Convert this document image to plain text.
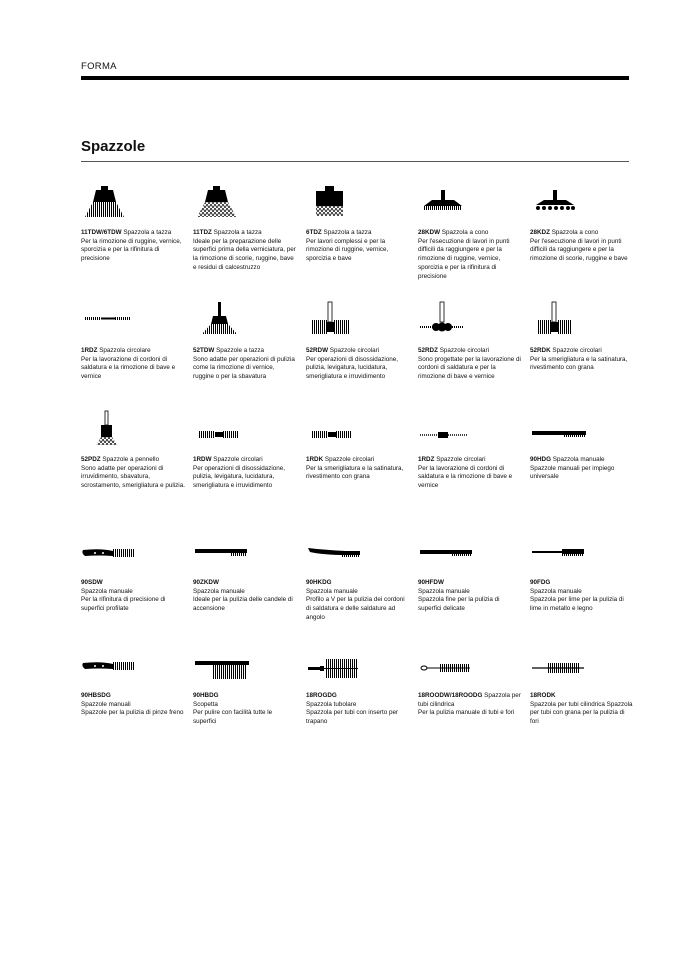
FORMA
Spazzole
11TDW/6TDW Spazzola a tazza
Per la rimozione di ruggine, vernice, sporcizia e per la rifinitura di precisione
11TDZ Spazzola a tazza
Ideale per la preparazione delle superfici prima della verniciatura, per la rimozione di scorie, ruggine, bave e residui di calcestruzzo
6TDZ Spazzola a tazza
Per lavori complessi e per la rimozione di ruggine, vernice, sporcizia e bave
28KDW Spazzola a cono
Per l'esecuzione di lavori in punti difficili da raggiungere e per la rimozione di ruggine, vernice, sporcizia e per la rifinitura di precisione
28KDZ Spazzola a cono
Per l'esecuzione di lavori in punti difficili da raggiungere e per la rimozione di scorie, ruggine e bave
1RDZ Spazzola circolare
Per la lavorazione di cordoni di saldatura e la rimozione di bave e vernice
52TDW Spazzole a tazza
Sono adatte per operazioni di pulizia come la rimozione di vernice, ruggine o per la sbavatura
52RDW Spazzole circolari
Per operazioni di disossidazione, pulizia, levigatura, lucidatura, smerigliatura e irruvidimento
52RDZ Spazzole circolari
Sono progettate per la lavorazione di cordoni di saldatura e per la rimozione di bave e vernice
52RDK Spazzole circolari
Per la smerigliatura e la satinatura, rivestimento con grana
52PDZ Spazzole a pennello
Sono adatte per operazioni di irruvidimento, sbavatura, scrostamento, smerigliatura e pulizia.
1RDW Spazzole circolari
Per operazioni di disossidazione, pulizia, levigatura, lucidatura, smerigliatura e irruvidimento
1RDK Spazzole circolari
Per la smerigliatura e la satinatura, rivestimento con grana
1RDZ Spazzole circolari
Per la lavorazione di cordoni di saldatura e la rimozione di bave e vernice
90HDG Spazzola manuale
Spazzole manuali per impiego universale
90SDW
Spazzola manuale
Per la rifinitura di precisione di superfici profilate
90ZKDW
Spazzola manuale
Ideale per la pulizia delle candele di accensione
90HKDG
Spazzola manuale
Profilo a V per la pulizia dei cordoni di saldatura e delle saldature ad angolo
90HFDW
Spazzola manuale
Spazzola fine per la pulizia di superfici delicate
90FDG
Spazzola manuale
Spazzola per lime per la pulizia di lime in metallo e legno
90HBSDG
Spazzole manuali
Spazzole per la pulizia di pinze freno
90HBDG
Scopetta
Per pulire con facilità tutte le superfici
18ROGDG
Spazzola tubolare
Spazzola per tubi con inserto per trapano
18ROODW/18ROODG Spazzola per tubi cilindrica
Per la pulizia manuale di tubi e fori
18RODK
Spazzola per tubi cilindrica Spazzola per tubi con grana per la pulizia di fori
